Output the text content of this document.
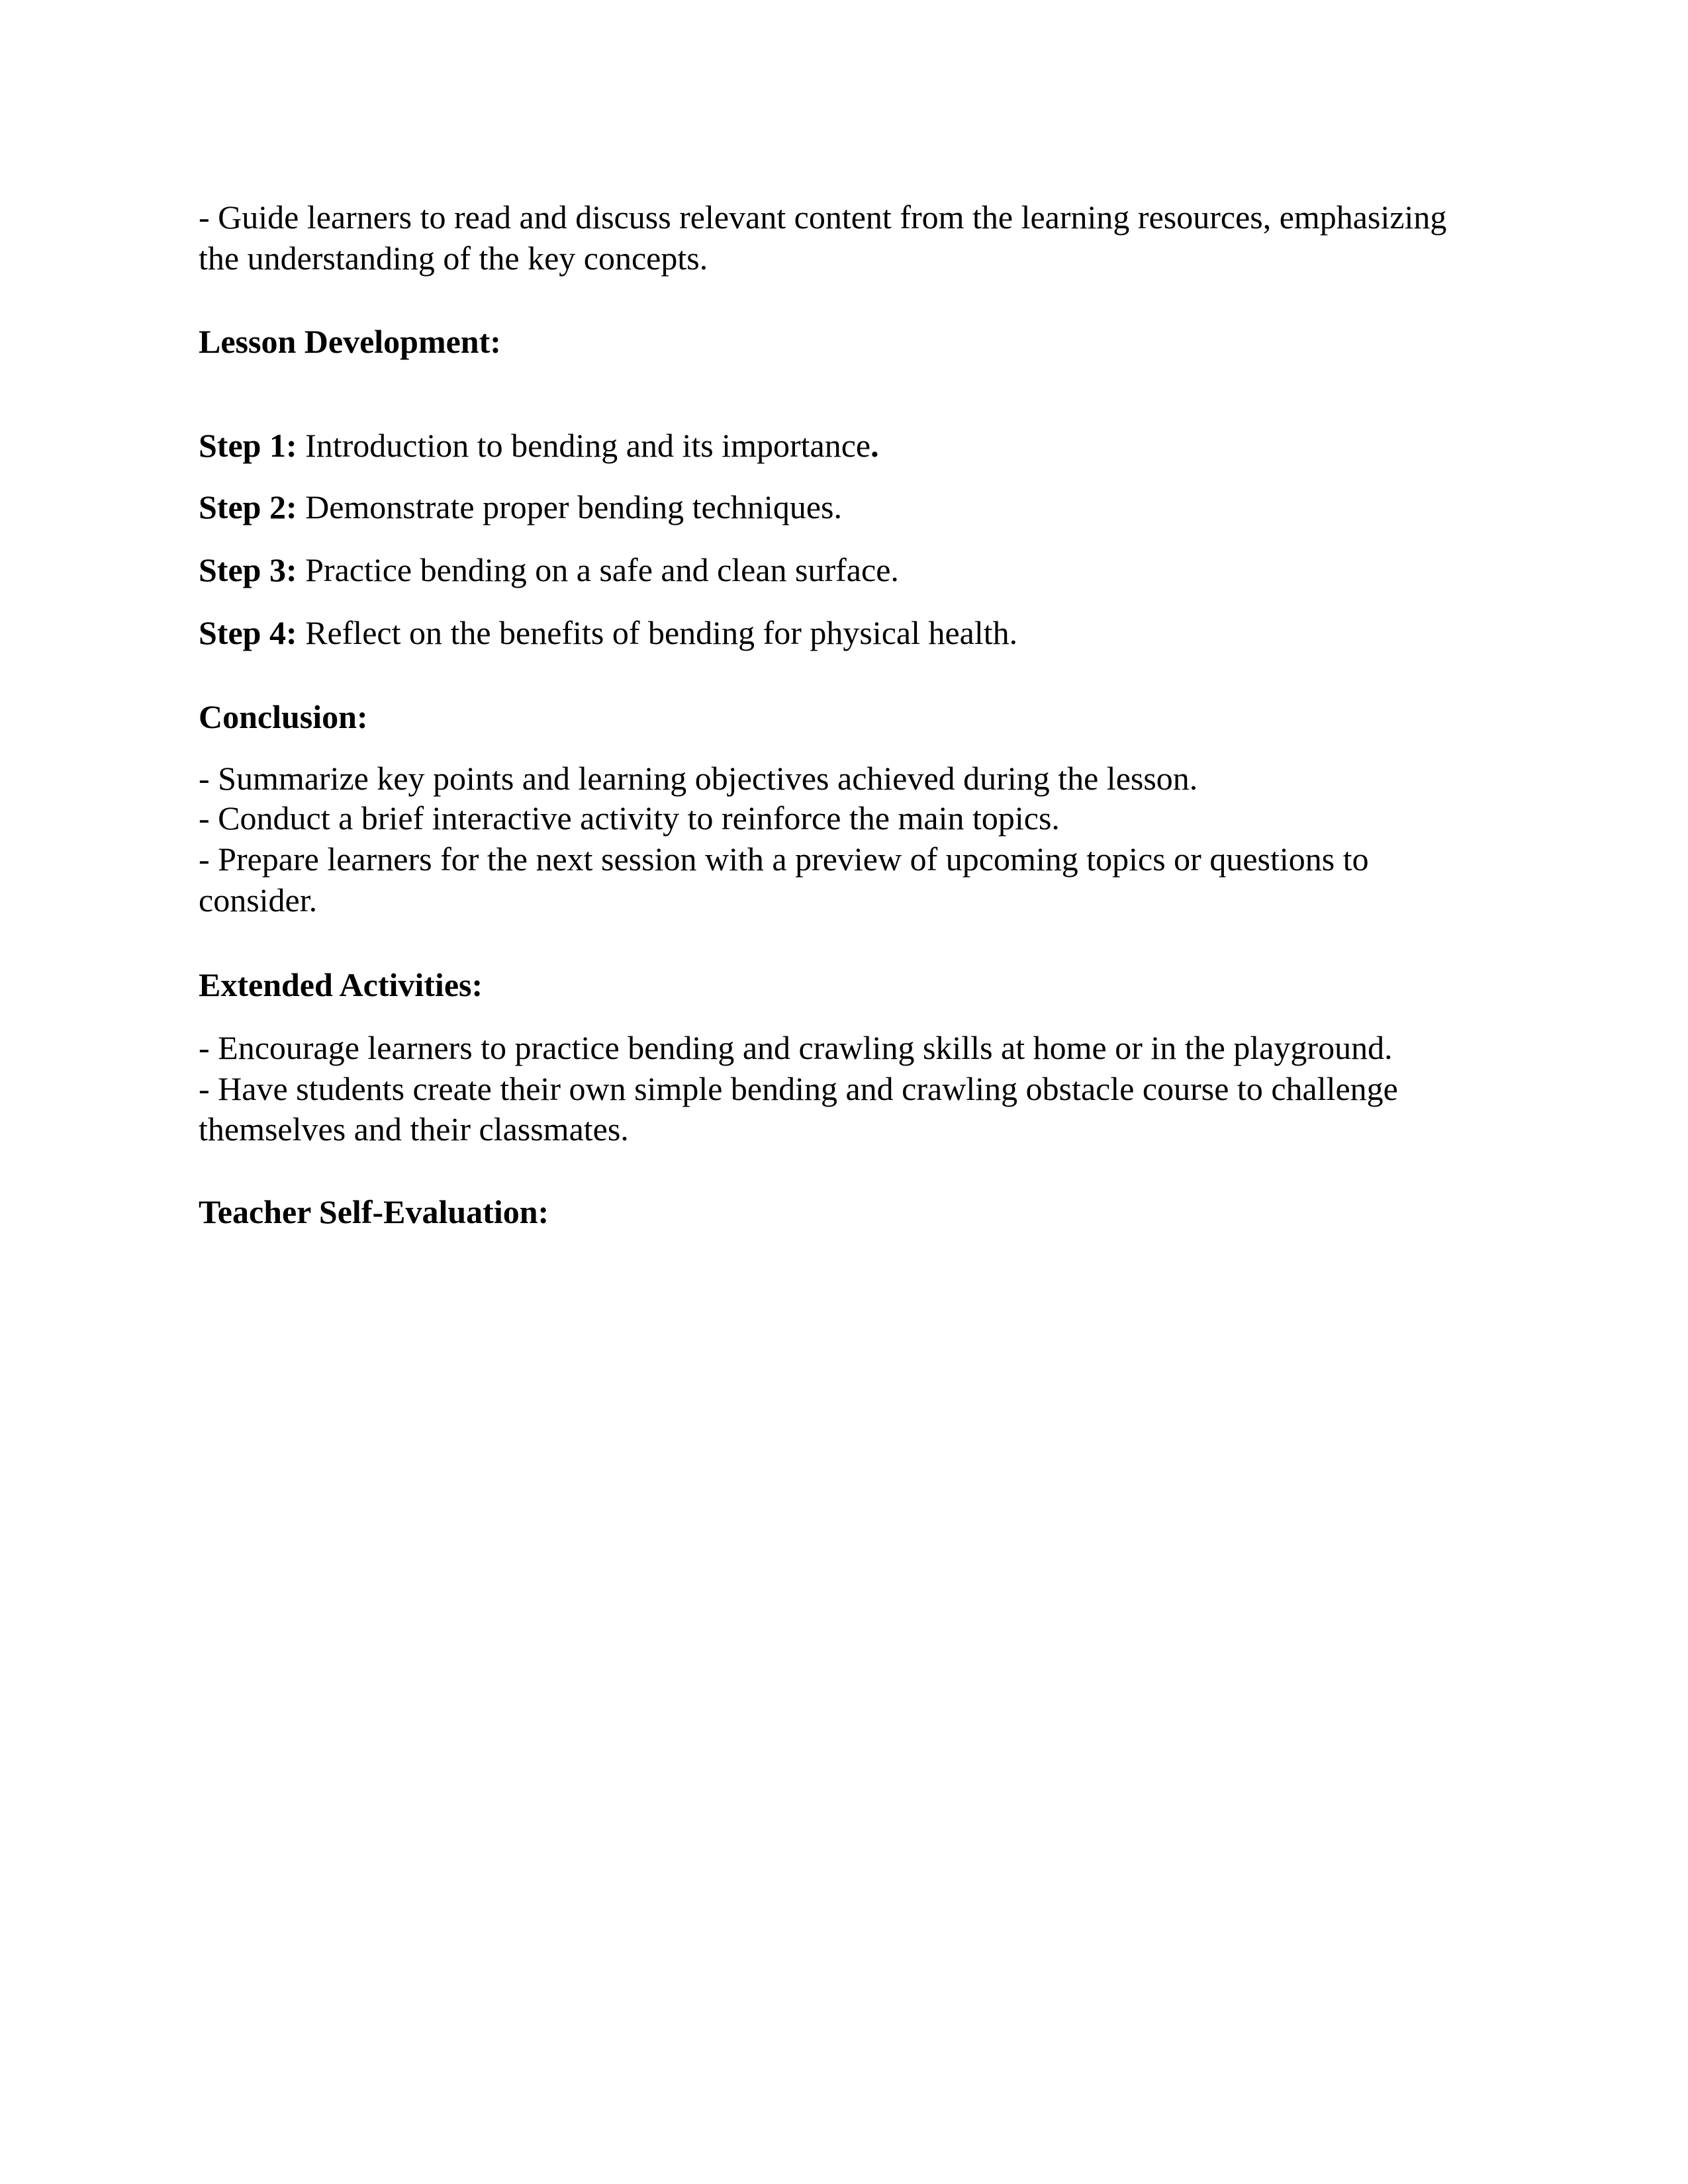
- Guide learners to read and discuss relevant content from the learning resources, emphasizing

the understanding of the key concepts.

Lesson Development:

Step 1: Introduction to bending and its importance.

Step 2: Demonstrate proper bending techniques.

Step 3: Practice bending on a safe and clean surface.

Step 4: Reflect on the benefits of bending for physical health.

Conclusion:

- Summarize key points and learning objectives achieved during the lesson.

- Conduct a brief interactive activity to reinforce the main topics.

- Prepare learners for the next session with a preview of upcoming topics or questions to

consider.

Extended Activities:

- Encourage learners to practice bending and crawling skills at home or in the playground.

- Have students create their own simple bending and crawling obstacle course to challenge

themselves and their classmates.

Teacher Self-Evaluation:
